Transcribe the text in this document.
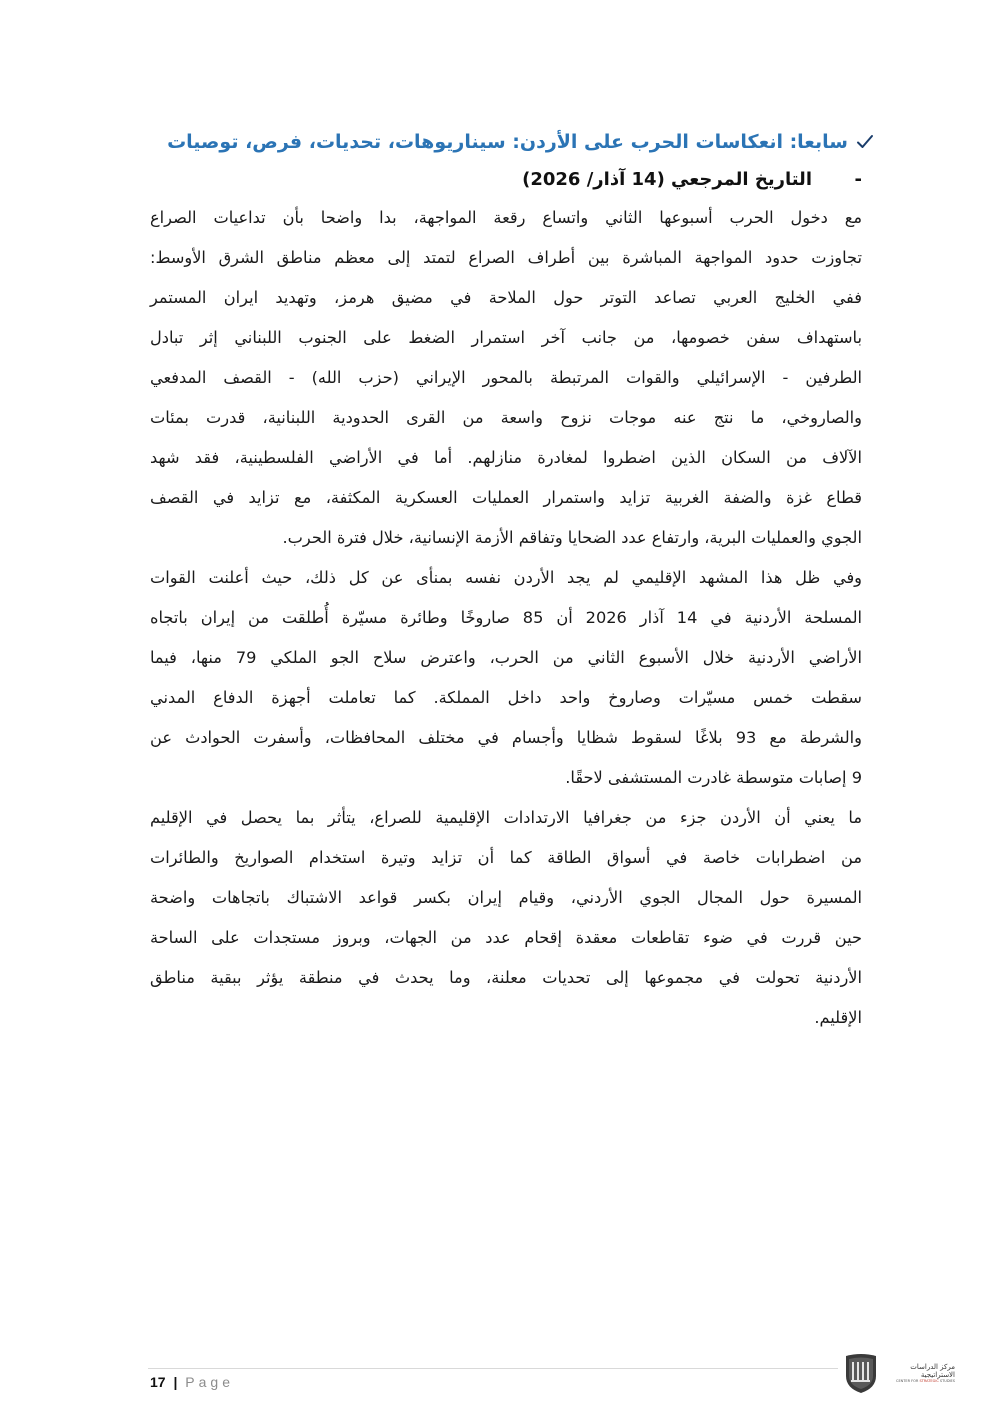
سابعا: انعكاسات الحرب على الأردن: سيناريوهات، تحديات، فرص، توصيات
-
التاريخ المرجعي (14 آذار/ 2026)
مع دخول الحرب أسبوعها الثاني واتساع رقعة المواجهة، بدا واضحا بأن تداعيات الصراع
تجاوزت حدود المواجهة المباشرة بين أطراف الصراع لتمتد إلى معظم مناطق الشرق الأوسط:
ففي الخليج العربي تصاعد التوتر حول الملاحة في مضيق هرمز، وتهديد ايران المستمر
باستهداف سفن خصومها، من جانب آخر استمرار الضغط على الجنوب اللبناني إثر تبادل
الطرفين - الإسرائيلي والقوات المرتبطة بالمحور الإيراني (حزب الله) - القصف المدفعي
والصاروخي، ما نتج عنه موجات نزوح واسعة من القرى الحدودية اللبنانية، قدرت بمئات
الآلاف من السكان الذين اضطروا لمغادرة منازلهم. أما في الأراضي الفلسطينية، فقد شهد
قطاع غزة والضفة الغربية تزايد واستمرار العمليات العسكرية المكثفة، مع تزايد في القصف
الجوي والعمليات البرية، وارتفاع عدد الضحايا وتفاقم الأزمة الإنسانية، خلال فترة الحرب.
وفي ظل هذا المشهد الإقليمي لم يجد الأردن نفسه بمنأى عن كل ذلك، حيث أعلنت القوات
المسلحة الأردنية في 14 آذار 2026 أن 85 صاروخًا وطائرة مسيّرة أُطلقت من إيران باتجاه
الأراضي الأردنية خلال الأسبوع الثاني من الحرب، واعترض سلاح الجو الملكي 79 منها، فيما
سقطت خمس مسيّرات وصاروخ واحد داخل المملكة. كما تعاملت أجهزة الدفاع المدني
والشرطة مع 93 بلاغًا لسقوط شظايا وأجسام في مختلف المحافظات، وأسفرت الحوادث عن
9 إصابات متوسطة غادرت المستشفى لاحقًا.
ما يعني أن الأردن جزء من جغرافيا الارتدادات الإقليمية للصراع، يتأثر بما يحصل في الإقليم
من اضطرابات خاصة في أسواق الطاقة كما أن تزايد وتيرة استخدام الصواريخ والطائرات
المسيرة حول المجال الجوي الأردني، وقيام إيران بكسر قواعد الاشتباك باتجاهات واضحة
حين قررت في ضوء تقاطعات معقدة إقحام عدد من الجهات، وبروز مستجدات على الساحة
الأردنية تحولت في مجموعها إلى تحديات معلنة، وما يحدث في منطقة يؤثر ببقية مناطق
الإقليم.
17 | Page
مركز الدراسات
الاستراتيجية
CENTER FOR STRATEGIC STUDIES
